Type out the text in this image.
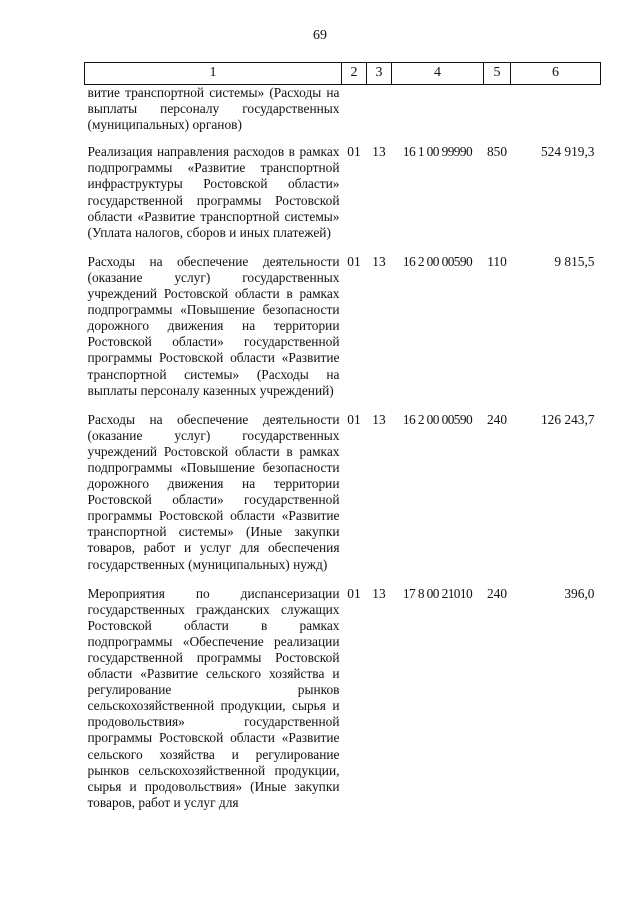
69
1	2	3	4	5	6
витие транспортной системы» (Расходы на выплаты персоналу государственных (муниципальных) органов)					
Реализация направления расходов в рамках подпрограммы «Развитие транспортной инфраструктуры Ростовской области» государственной программы Ростовской области «Развитие транспортной системы» (Уплата налогов, сборов и иных платежей)	01	13	16 1 00 99990	850	524 919,3
Расходы на обеспечение деятельности (оказание услуг) государственных учреждений Ростовской области в рамках подпрограммы «Повышение безопасности дорожного движения на территории Ростовской области» государственной программы Ростовской области «Развитие транспортной системы» (Расходы на выплаты персоналу казенных учреждений)	01	13	16 2 00 00590	110	9 815,5
Расходы на обеспечение деятельности (оказание услуг) государственных учреждений Ростовской области в рамках подпрограммы «Повышение безопасности дорожного движения на территории Ростовской области» государственной программы Ростовской области «Развитие транспортной системы» (Иные закупки товаров, работ и услуг для обеспечения государственных (муниципальных) нужд)	01	13	16 2 00 00590	240	126 243,7
Мероприятия по диспансеризации государственных гражданских служащих Ростовской области в рамках подпрограммы «Обеспечение реализации государственной программы Ростовской области «Развитие сельского хозяйства и регулирование рынков сельскохозяйственной продукции, сырья и продовольствия» государственной программы Ростовской области «Развитие сельского хозяйства и регулирование рынков сельскохозяйственной продукции, сырья и продовольствия» (Иные закупки товаров, работ и услуг для	01	13	17 8 00 21010	240	396,0
